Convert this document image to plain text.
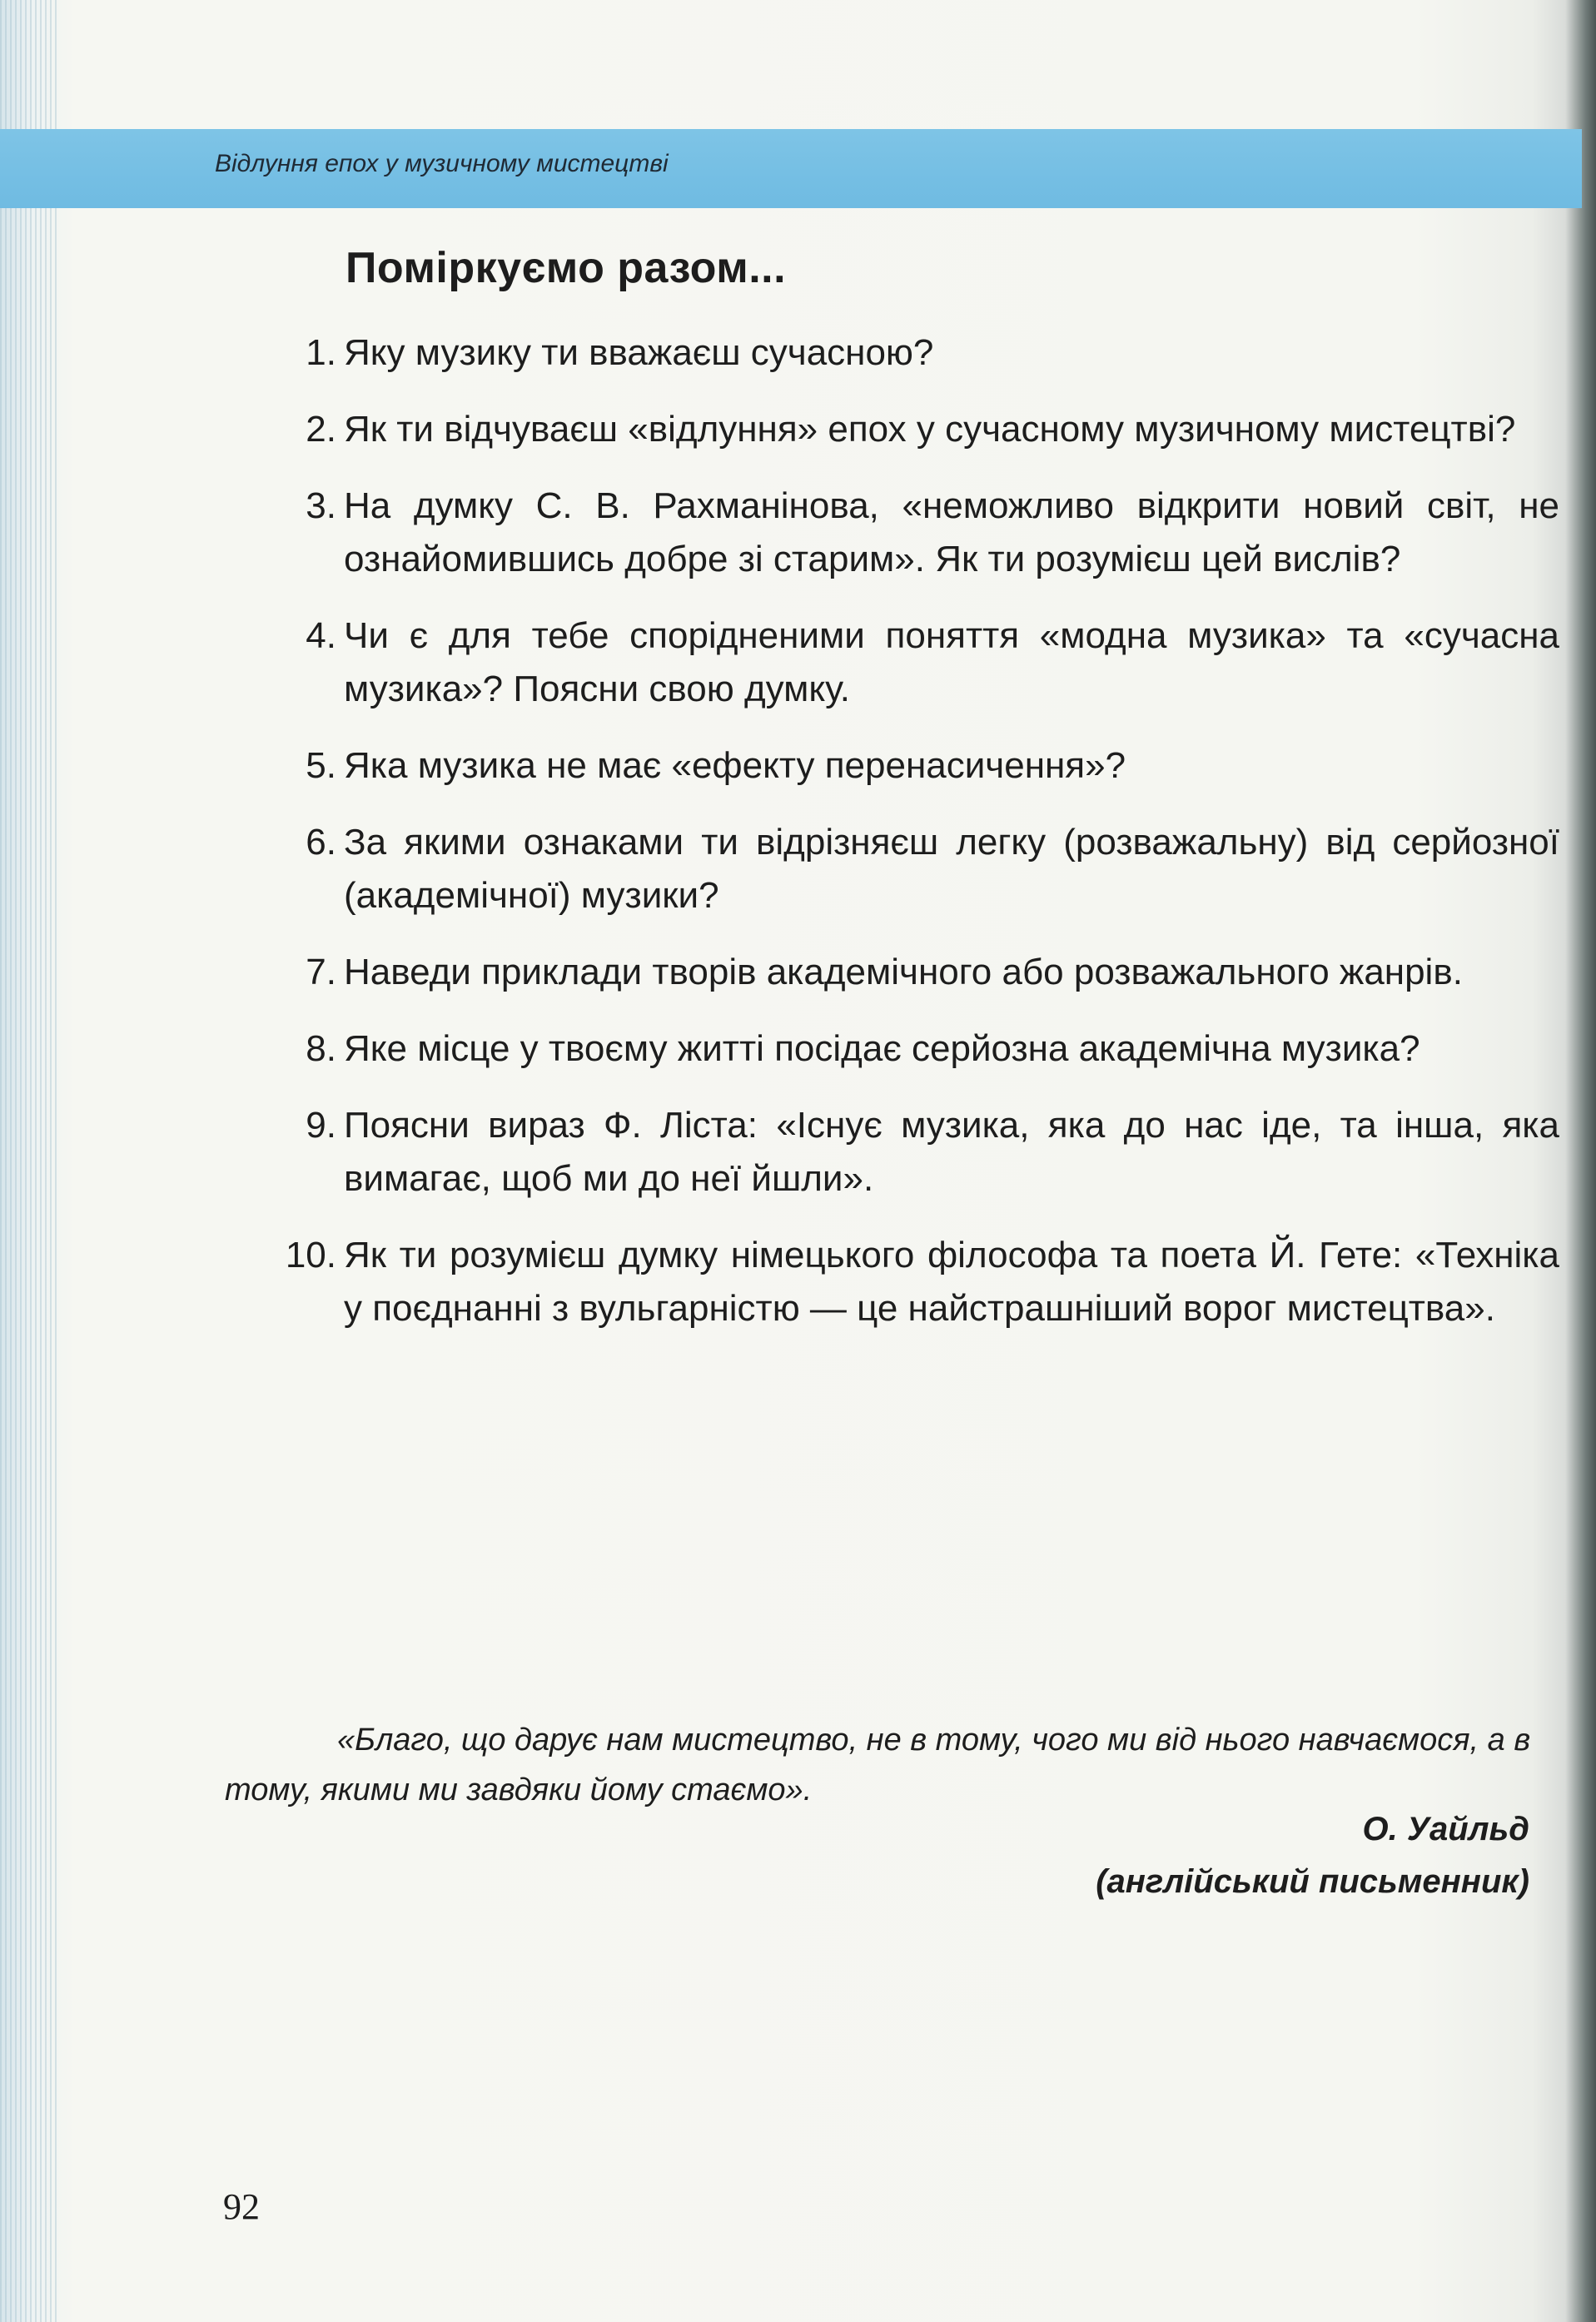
Відлуння епох у музичному мистецтві
Поміркуємо разом...
1. Яку музику ти вважаєш сучасною?
2. Як ти відчуваєш «відлуння» епох у сучасному музичному мистецтві?
3. На думку С. В. Рахманінова, «неможливо відкрити новий світ, не ознайомившись добре зі старим». Як ти розумієш цей вислів?
4. Чи є для тебе спорідненими поняття «модна музика» та «сучасна музика»? Поясни свою думку.
5. Яка музика не має «ефекту перенасичення»?
6. За якими ознаками ти відрізняєш легку (розважальну) від серйозної (академічної) музики?
7. Наведи приклади творів академічного або розважального жанрів.
8. Яке місце у твоєму житті посідає серйозна академічна музика?
9. Поясни вираз Ф. Ліста: «Існує музика, яка до нас іде, та інша, яка вимагає, щоб ми до неї йшли».
10. Як ти розумієш думку німецького філософа та поета Й. Гете: «Техніка у поєднанні з вульгарністю — це найстрашніший ворог мистецтва».
«Благо, що дарує нам мистецтво, не в тому, чого ми від нього навчаємося, а в тому, якими ми завдяки йому стаємо».
О. Уайльд
(англійський письменник)
92
